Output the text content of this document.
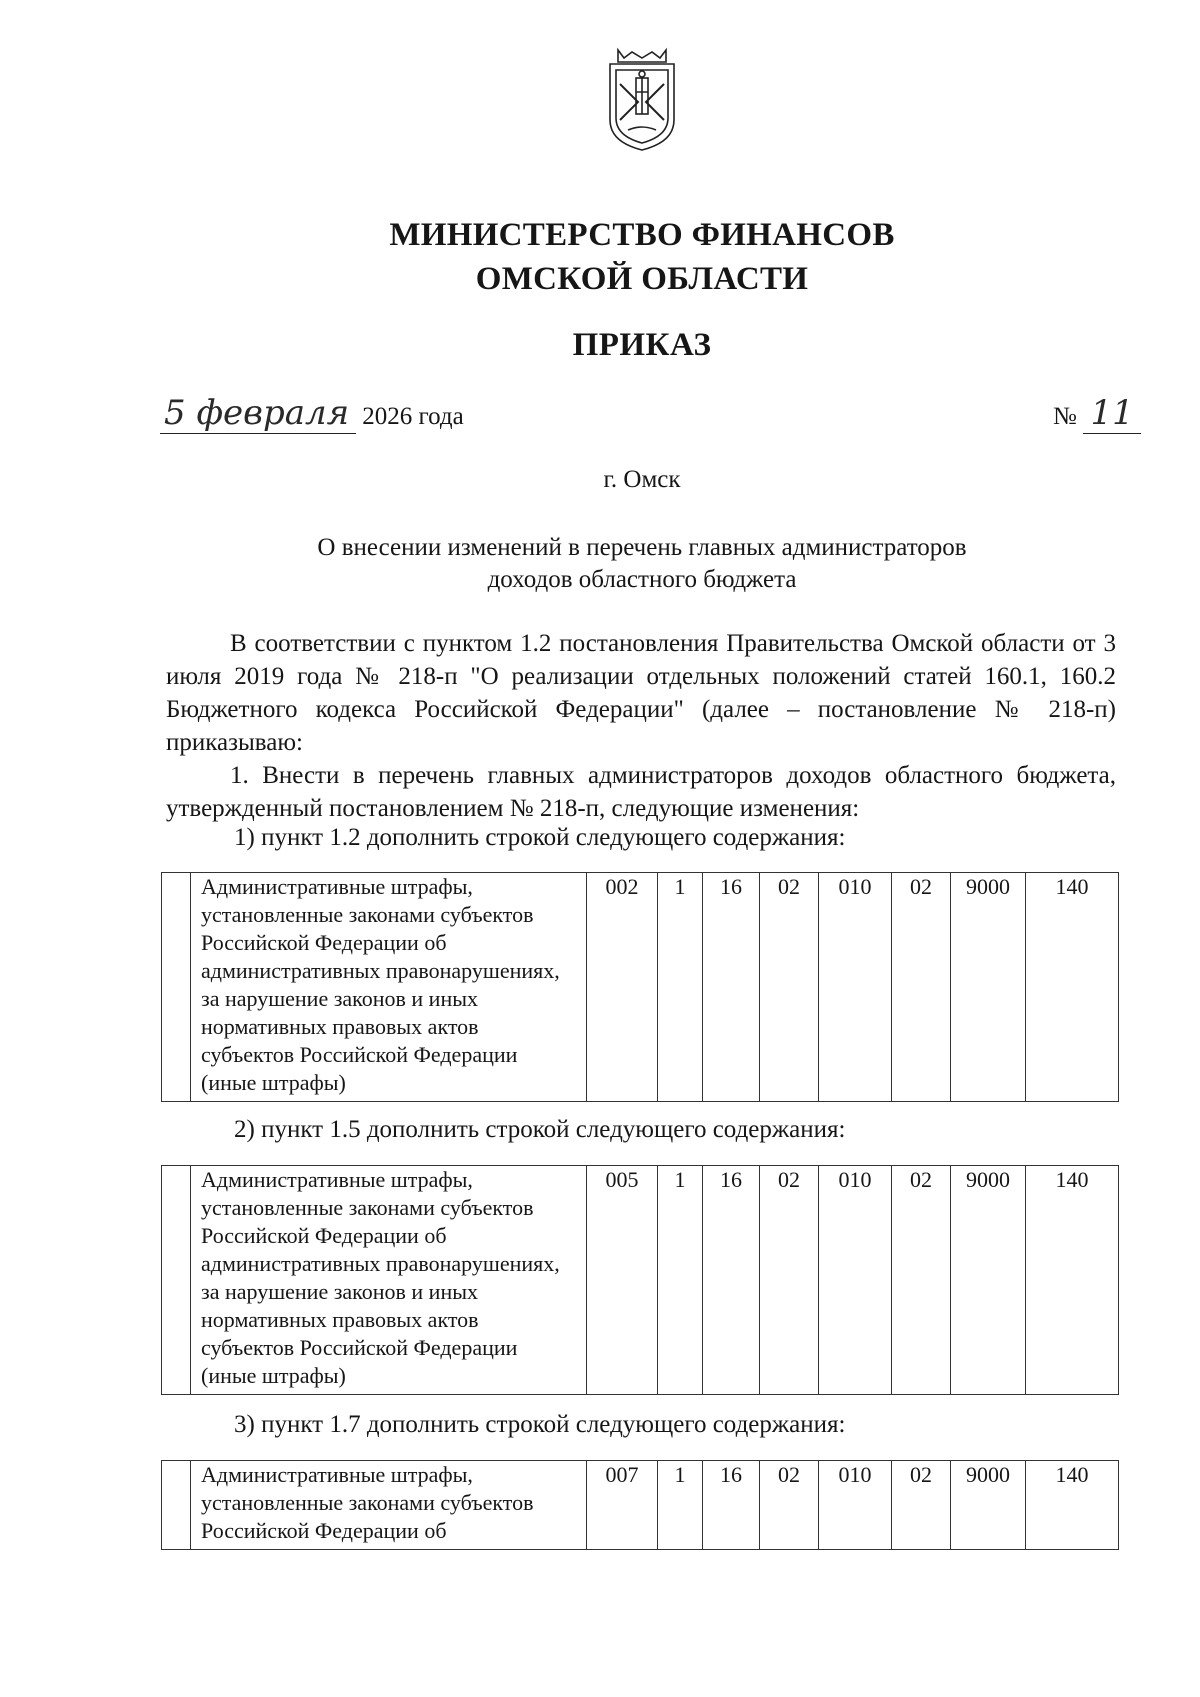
МИНИСТЕРСТВО ФИНАНСОВ
ОМСКОЙ ОБЛАСТИ
ПРИКАЗ
5 февраля 2026 года	№ 11
г. Омск
О внесении изменений в перечень главных администраторов
доходов областного бюджета
В соответствии с пунктом 1.2 постановления Правительства Омской области от 3 июля 2019 года № 218-п "О реализации отдельных положений статей 160.1, 160.2 Бюджетного кодекса Российской Федерации" (далее – постановление № 218-п) приказываю:
1. Внести в перечень главных администраторов доходов областного бюджета, утвержденный постановлением № 218-п, следующие изменения:
1) пункт 1.2 дополнить строкой следующего содержания:

Административные штрафы,
установленные законами субъектов
Российской Федерации об
административных правонарушениях,
за нарушение законов и иных
нормативных правовых актов
субъектов Российской Федерации
(иные штрафы)
	002	1	16	02	010	02	9000	140
2) пункт 1.5 дополнить строкой следующего содержания:

Административные штрафы,
установленные законами субъектов
Российской Федерации об
административных правонарушениях,
за нарушение законов и иных
нормативных правовых актов
субъектов Российской Федерации
(иные штрафы)
	005	1	16	02	010	02	9000	140
3) пункт 1.7 дополнить строкой следующего содержания:

Административные штрафы,
установленные законами субъектов
Российской Федерации об
	007	1	16	02	010	02	9000	140
